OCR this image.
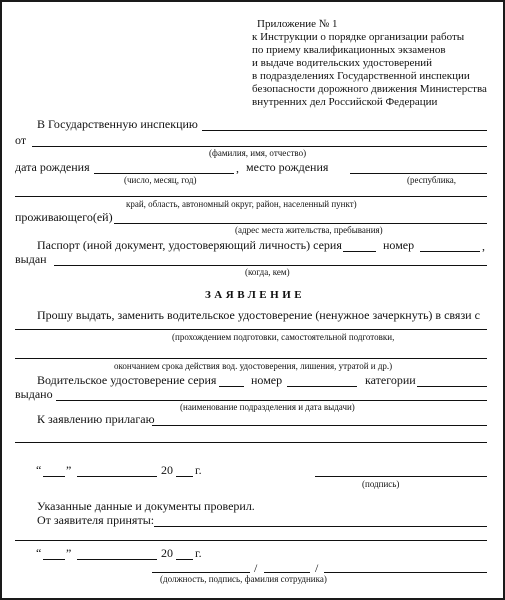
Приложение № 1
к Инструкции о порядке организации работы
по приему квалификационных экзаменов
и выдаче водительских удостоверений
в подразделениях Государственной инспекции
безопасности дорожного движения Министерства
внутренних дел Российской Федерации
В Государственную инспекцию
от
(фамилия, имя, отчество)
дата рождения	, место рождения
(число, месяц, год)	(республика,
край, область, автономный округ, район, населенный пункт)
проживающего(ей)
(адрес места жительства, пребывания)
Паспорт (иной документ, удостоверяющий личность) серия	номер	,
выдан
(когда, кем)
ЗАЯВЛЕНИЕ
Прошу выдать, заменить водительское удостоверение (ненужное зачеркнуть) в связи с
(прохождением подготовки, самостоятельной подготовки,
окончанием срока действия вод. удостоверения, лишения, утратой и др.)
Водительское удостоверение серия	номер	категории
выдано
(наименование подразделения и дата выдачи)
К заявлению прилагаю
“ ”	20 г.
(подпись)
Указанные данные и документы проверил.
От заявителя приняты:
“ ”	20 г.
/	/
(должность, подпись, фамилия сотрудника)
